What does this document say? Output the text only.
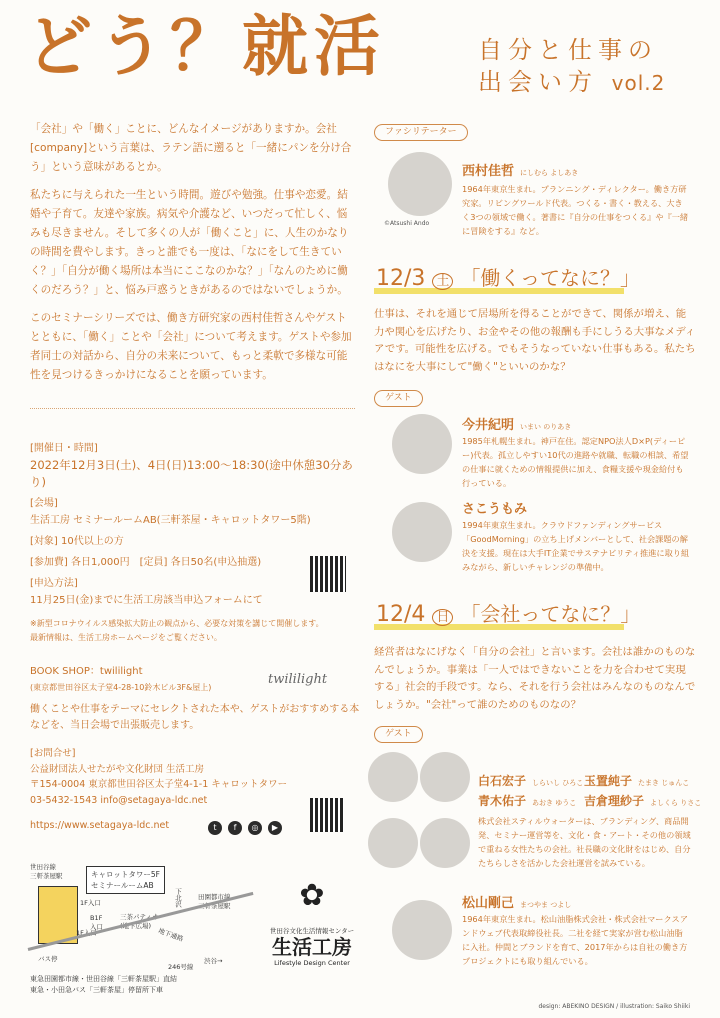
どう？就活	自分と仕事の
出会い方 vol.2

「会社」や「働く」ことに、どんなイメージがありますか。会社[company]という言葉は、ラテン語に遡ると「一緒にパンを分け合う」という意味があるとか。

私たちに与えられた一生という時間。遊びや勉強。仕事や恋愛。結婚や子育て。友達や家族。病気や介護など、いつだって忙しく、悩みも尽きません。そして多くの人が「働くこと」に、人生のかなりの時間を費やします。きっと誰でも一度は、「なにをして生きていく？」「自分が働く場所は本当にここなのかな？」「なんのために働くのだろう？」と、悩み戸惑うときがあるのではないでしょうか。

このセミナーシリーズでは、働き方研究家の西村佳哲さんやゲストとともに、「働く」ことや「会社」について考えます。ゲストや参加者同士の対話から、自分の未来について、もっと柔軟で多様な可能性を見つけるきっかけになることを願っています。

[開催日・時間]
2022年12月3日(土)、4日(日)13:00〜18:30(途中休憩30分あり)
[会場]
生活工房 セミナールームAB(三軒茶屋・キャロットタワー5階)
[対象] 10代以上の方
[参加費] 各日1,000円　 [定員] 各日50名(申込抽選)
[申込方法]
11月25日(金)までに生活工房該当申込フォームにて
※新型コロナウイルス感染拡大防止の観点から、必要な対策を講じて開催します。最新情報は、生活工房ホームページをご覧ください。
BOOK SHOP：twililight
(東京都世田谷区太子堂4-28-10鈴木ビル3F&屋上)
働くことや仕事をテーマにセレクトされた本や、ゲストがおすすめする本などを、当日会場で出張販売します。
twililight
[お問合せ]
公益財団法人せたがや文化財団 生活工房
〒154-0004 東京都世田谷区太子堂4-1-1 キャロットタワー
03-5432-1543 info@setagaya-ldc.net
https://www.setagaya-ldc.net	t f ◎ ▶
世田谷線
三軒茶屋駅	キャロットタワー5F
セミナールームAB
1F入口
B1F入口
1F入口
三茶パティオ
(地下広場)
地下通路
下北沢 田園都市線
三軒茶屋駅
バス停
246号線
渋谷→
東急田園都市線・世田谷線「三軒茶屋駅」直結
東急・小田急バス「三軒茶屋」停留所下車
✿
世田谷文化生活情報センター
生活工房
Lifestyle Design Center
ファシリテーター
©Atsushi Ando
西村佳哲 にしむら よしあき
1964年東京生まれ。プランニング・ディレクター。働き方研究家。リビングワールド代表。つくる・書く・教える、大きく3つの領域で働く。著書に『自分の仕事をつくる』や『一緒に冒険をする』など。
12/3 土 「働くってなに？」
仕事は、それを通じて居場所を得ることができて、関係が増え、能力や関心を広げたり、お金やその他の報酬も手にしうる大事なメディアです。可能性を広げる。でもそうなっていない仕事もある。私たちはなにを大事にして"働く"といいのかな？
ゲスト
今井紀明 いまい のりあき
1985年札幌生まれ。神戸在住。認定NPO法人D×P(ディーピー)代表。孤立しやすい10代の進路や就職、転職の相談、希望の仕事に就くための情報提供に加え、食糧支援や現金給付も行っている。
さこうもみ
1994年東京生まれ。クラウドファンディングサービス「GoodMorning」の立ち上げメンバーとして、社会課題の解決を支援。現在は大手IT企業でサステナビリティ推進に取り組みながら、新しいチャレンジの準備中。
12/4 日 「会社ってなに？」
経営者はなにげなく「自分の会社」と言います。会社は誰かのものなんでしょうか。事業は「一人ではできないことを力を合わせて実現する」社会的手段です。なら、それを行う会社はみんなのものなんでしょうか。"会社"って誰のためのものなの？
ゲスト
白石宏子 しらいし ひろこ 玉置純子 たまき じゅんこ
青木佑子 あおき ゆうこ 吉倉理紗子 よしくら りさこ
株式会社スティルウォーターは、ブランディング、商品開発、セミナー運営等を、文化・食・アート・その他の領域で重ねる女性たちの会社。社長職の文化財をはじめ、自分たちらしさを活かした会社運営を試みている。
松山剛己 まつやま つよし
1964年東京生まれ。松山油脂株式会社・株式会社マークスアンドウェブ代表取締役社長。二社を経て実家が営む松山油脂に入社。仲間とブランドを育て、2017年からは自社の働き方プロジェクトにも取り組んでいる。
design: ABEKINO DESIGN / illustration: Saiko Shiiki
